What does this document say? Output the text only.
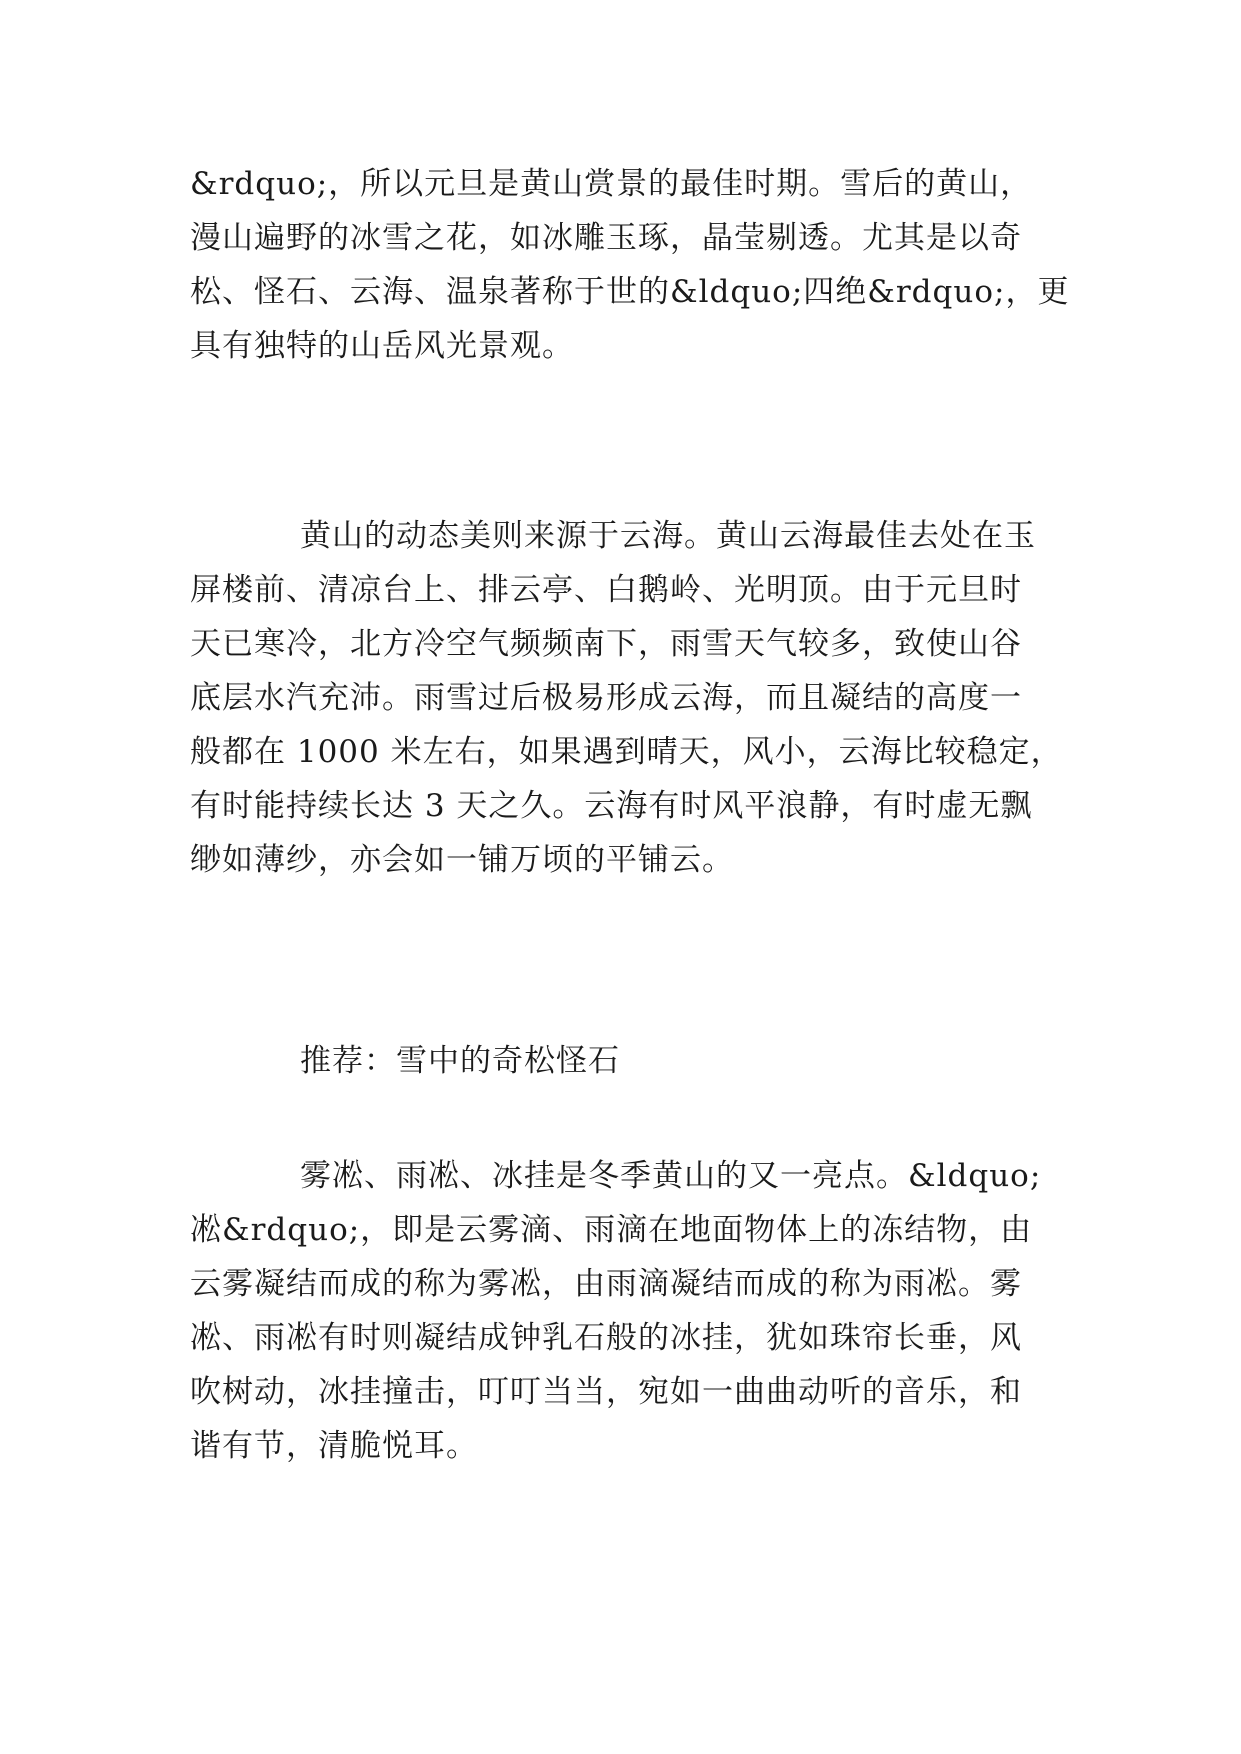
&rdquo;，所以元旦是黄山赏景的最佳时期。雪后的黄山，
漫山遍野的冰雪之花，如冰雕玉琢，晶莹剔透。尤其是以奇
松、怪石、云海、温泉著称于世的&ldquo;四绝&rdquo;，更
具有独特的山岳风光景观。
黄山的动态美则来源于云海。黄山云海最佳去处在玉
屏楼前、清凉台上、排云亭、白鹅岭、光明顶。由于元旦时
天已寒冷，北方冷空气频频南下，雨雪天气较多，致使山谷
底层水汽充沛。雨雪过后极易形成云海，而且凝结的高度一
般都在 1000 米左右，如果遇到晴天，风小，云海比较稳定，
有时能持续长达 3 天之久。云海有时风平浪静，有时虚无飘
缈如薄纱，亦会如一铺万顷的平铺云。
推荐：雪中的奇松怪石
雾凇、雨凇、冰挂是冬季黄山的又一亮点。&ldquo;
凇&rdquo;，即是云雾滴、雨滴在地面物体上的冻结物，由
云雾凝结而成的称为雾凇，由雨滴凝结而成的称为雨凇。雾
凇、雨凇有时则凝结成钟乳石般的冰挂，犹如珠帘长垂，风
吹树动，冰挂撞击，叮叮当当，宛如一曲曲动听的音乐，和
谐有节，清脆悦耳。
